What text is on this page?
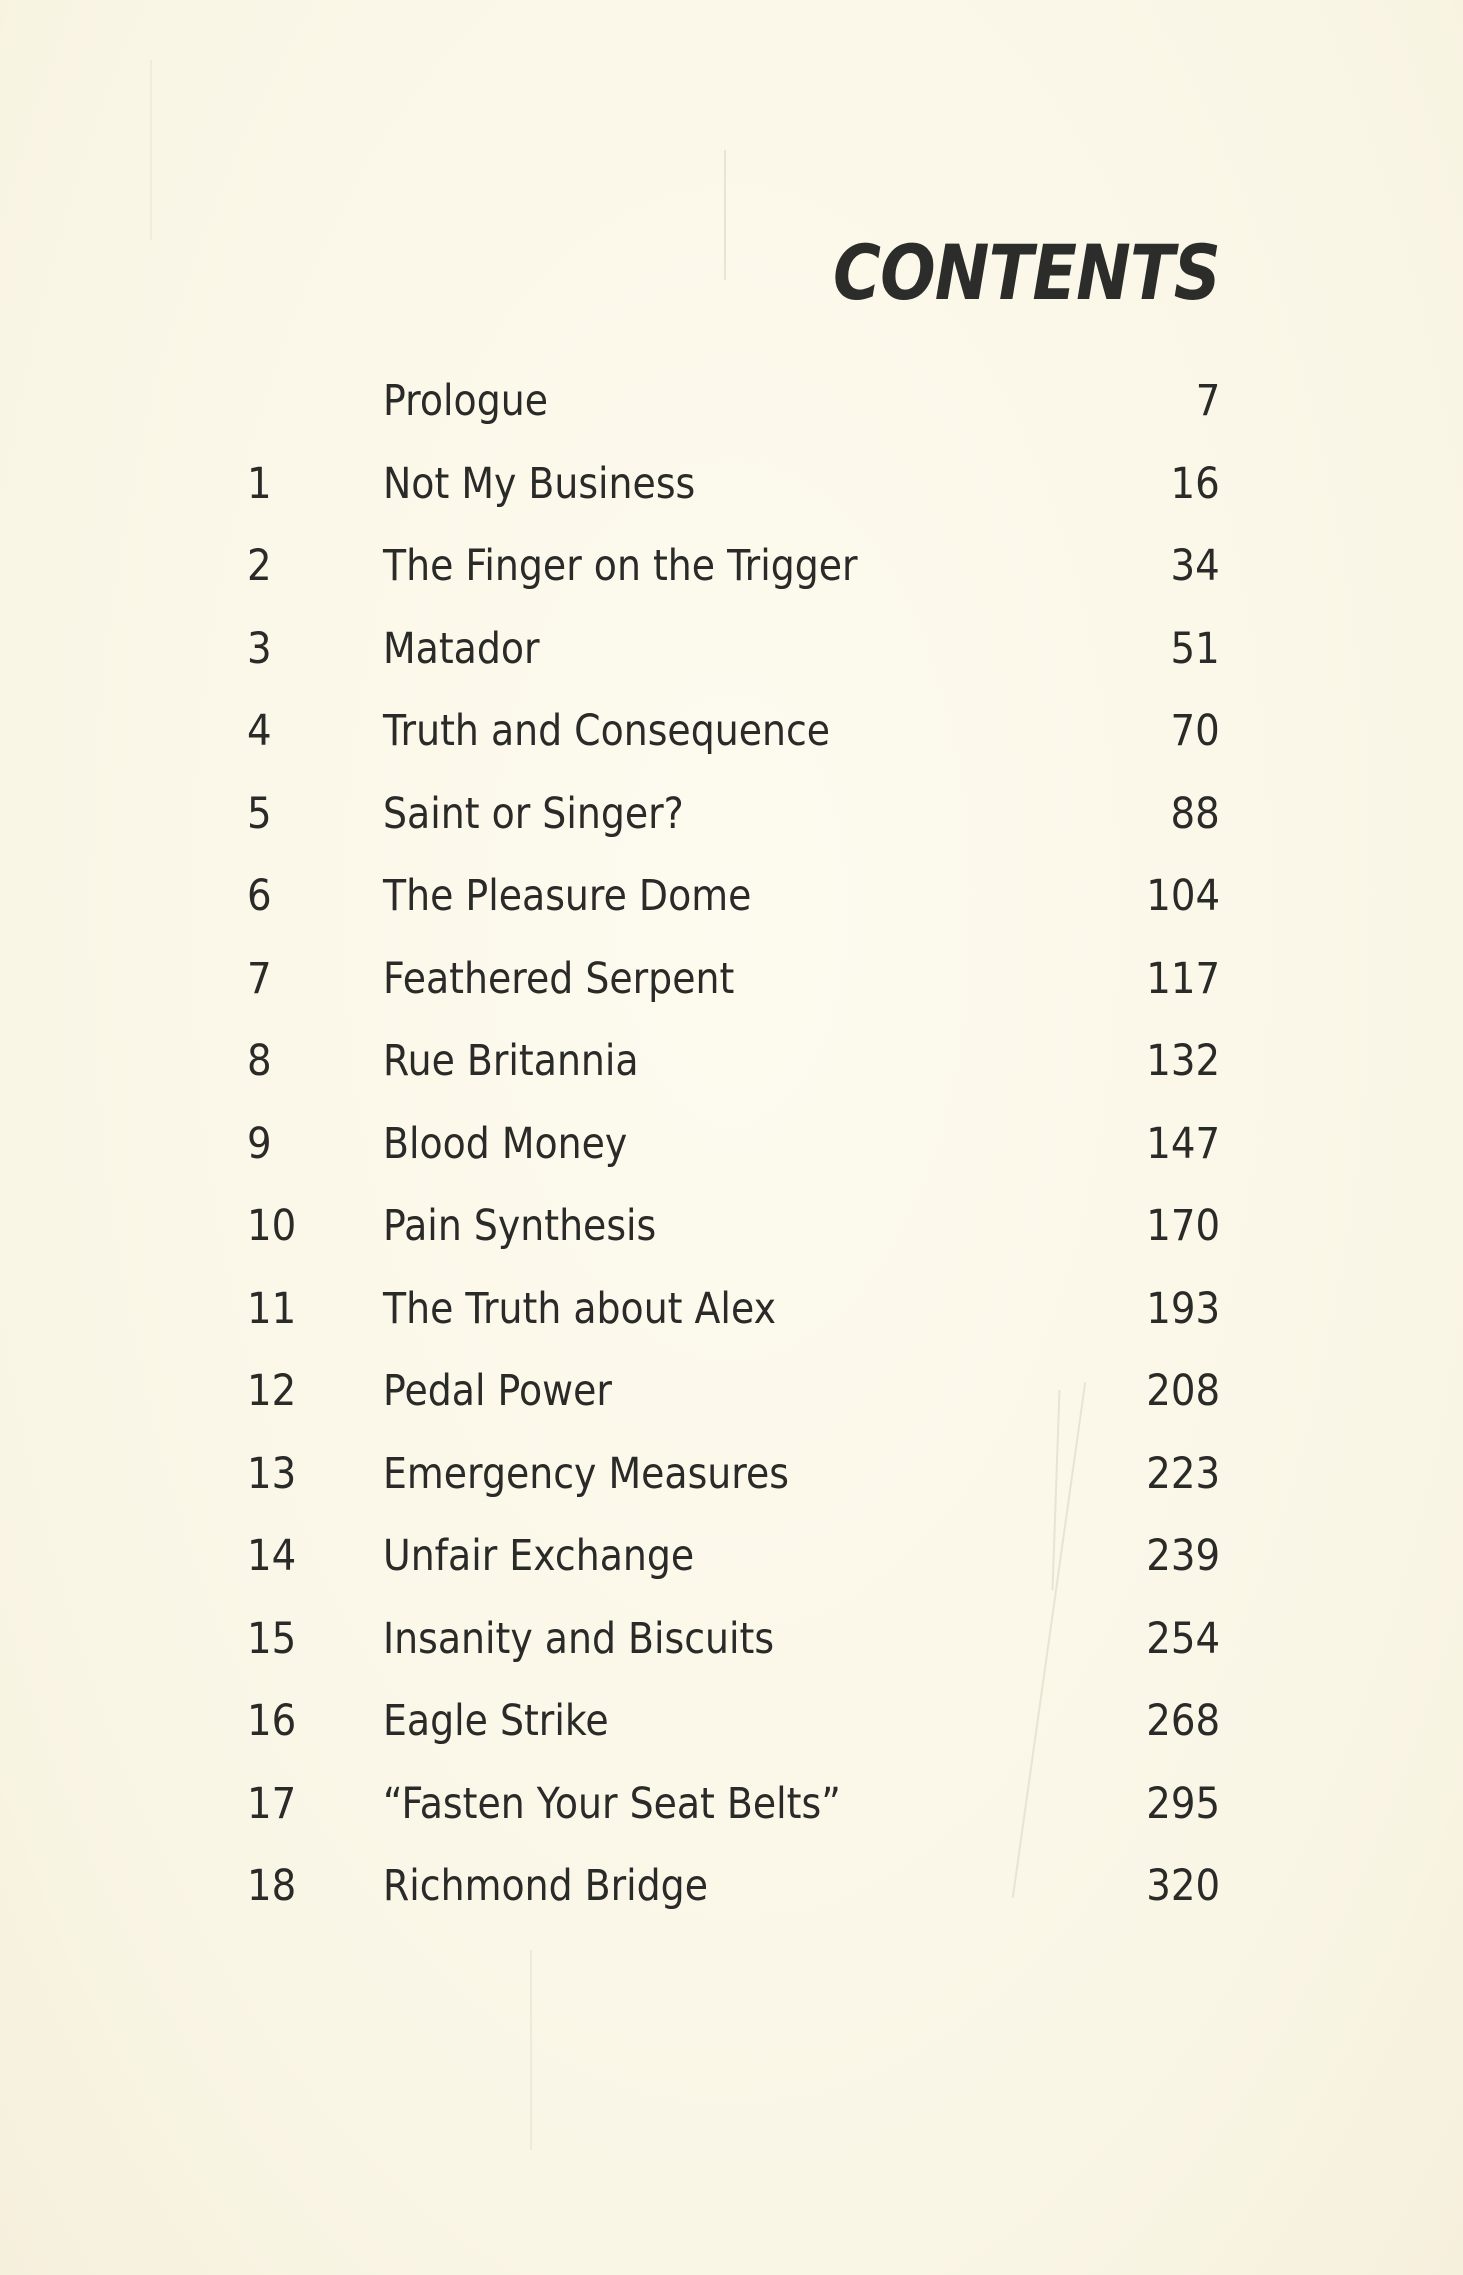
CONTENTS
Prologue	7
1	Not My Business	16
2	The Finger on the Trigger	34
3	Matador	51
4	Truth and Consequence	70
5	Saint or Singer?	88
6	The Pleasure Dome	104
7	Feathered Serpent	117
8	Rue Britannia	132
9	Blood Money	147
10 Pain Synthesis	170
11 The Truth about Alex	193
12 Pedal Power	208
13 Emergency Measures	223
14 Unfair Exchange	239
15 Insanity and Biscuits	254
16 Eagle Strike	268
17 “Fasten Your Seat Belts”	295
18 Richmond Bridge	320
